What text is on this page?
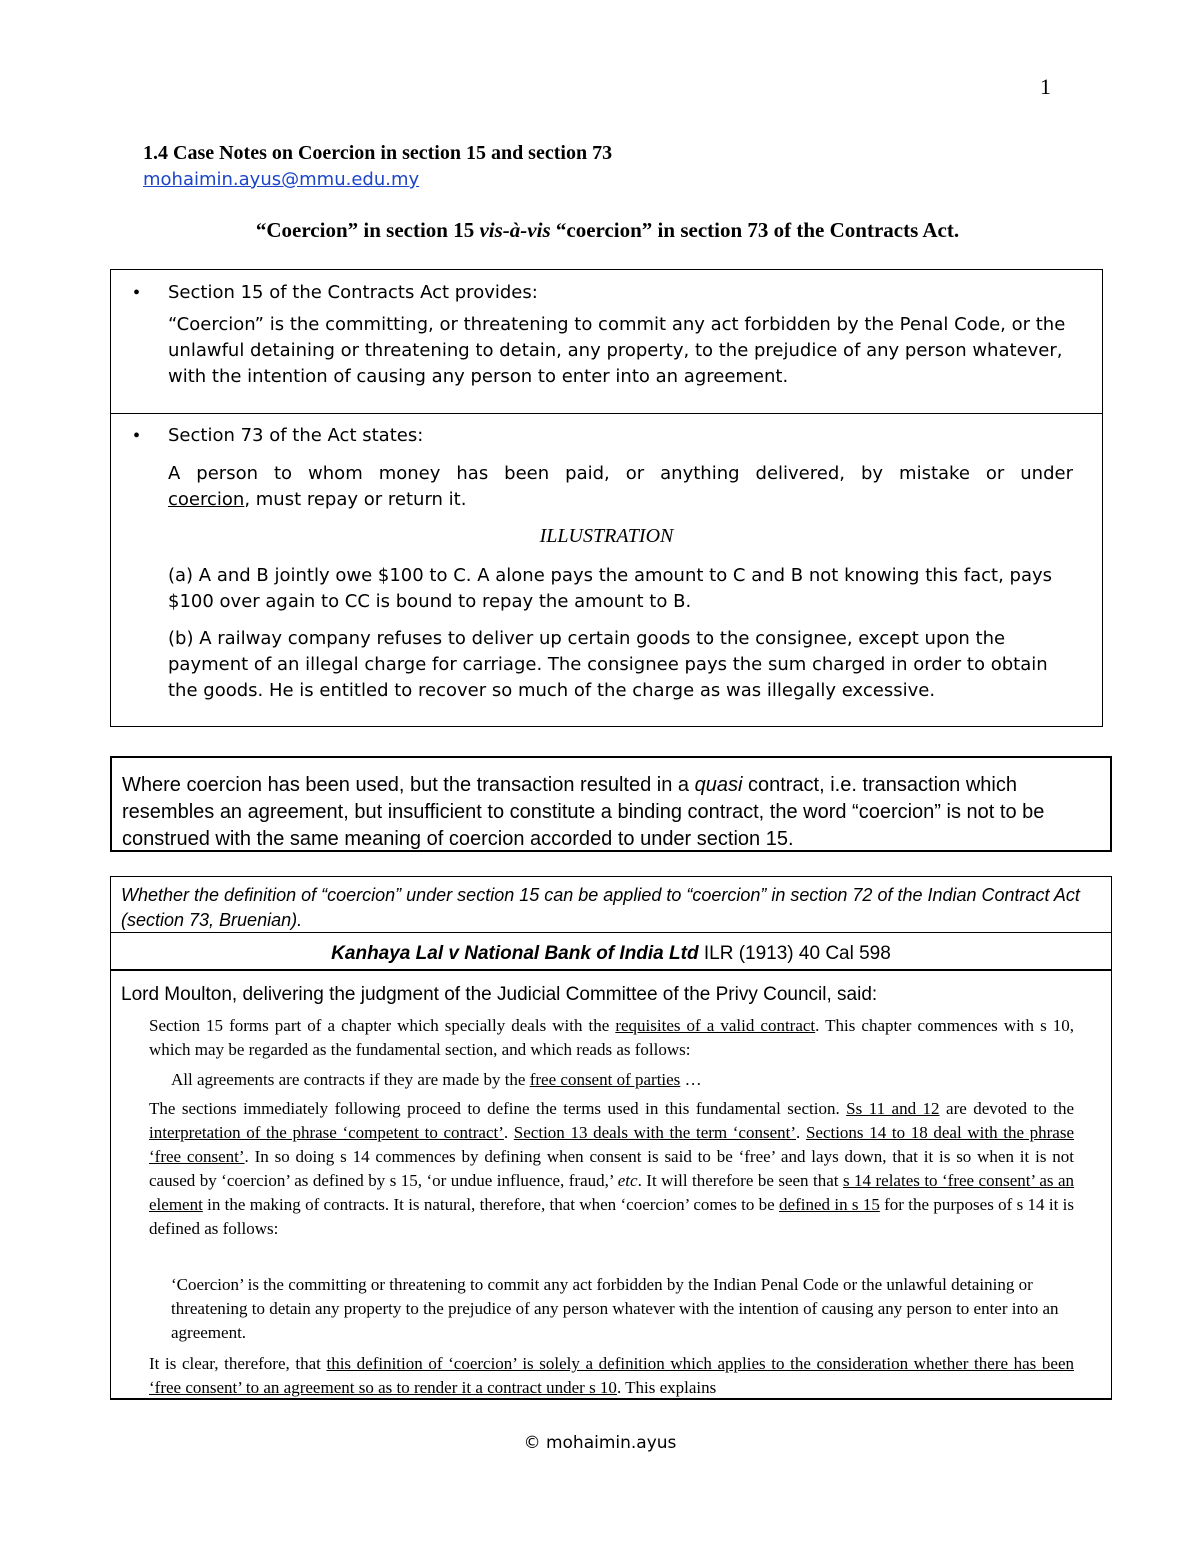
1
1.4 Case Notes on Coercion in section 15 and section 73
mohaimin.ayus@mmu.edu.my
“Coercion” in section 15 vis-à-vis “coercion” in section 73 of the Contracts Act.
• Section 15 of the Contracts Act provides:
“Coercion” is the committing, or threatening to commit any act forbidden by the Penal Code, or the unlawful detaining or threatening to detain, any property, to the prejudice of any person whatever, with the intention of causing any person to enter into an agreement.
• Section 73 of the Act states:
A person to whom money has been paid, or anything delivered, by mistake or under
coercion, must repay or return it.
ILLUSTRATION
(a) A and B jointly owe $100 to C. A alone pays the amount to C and B not knowing this fact, pays $100 over again to CC is bound to repay the amount to B.
(b) A railway company refuses to deliver up certain goods to the consignee, except upon the payment of an illegal charge for carriage. The consignee pays the sum charged in order to obtain the goods. He is entitled to recover so much of the charge as was illegally excessive.
Where coercion has been used, but the transaction resulted in a quasi contract, i.e. transaction which resembles an agreement, but insufficient to constitute a binding contract, the word “coercion” is not to be construed with the same meaning of coercion accorded to under section 15.
Whether the definition of “coercion” under section 15 can be applied to “coercion” in section 72 of the Indian Contract Act (section 73, Bruenian).
Kanhaya Lal v National Bank of India Ltd ILR (1913) 40 Cal 598
Lord Moulton, delivering the judgment of the Judicial Committee of the Privy Council, said:
Section 15 forms part of a chapter which specially deals with the requisites of a valid contract. This chapter commences with s 10, which may be regarded as the fundamental section, and which reads as follows:
All agreements are contracts if they are made by the free consent of parties …
The sections immediately following proceed to define the terms used in this fundamental section. Ss 11 and 12 are devoted to the interpretation of the phrase ‘competent to contract’. Section 13 deals with the term ‘consent’. Sections 14 to 18 deal with the phrase ‘free consent’. In so doing s 14 commences by defining when consent is said to be ‘free’ and lays down, that it is so when it is not caused by ‘coercion’ as defined by s 15, ‘or undue influence, fraud,’ etc. It will therefore be seen that s 14 relates to ‘free consent’ as an element in the making of contracts. It is natural, therefore, that when ‘coercion’ comes to be defined in s 15 for the purposes of s 14 it is defined as follows:
‘Coercion’ is the committing or threatening to commit any act forbidden by the Indian Penal Code or the unlawful detaining or threatening to detain any property to the prejudice of any person whatever with the intention of causing any person to enter into an agreement.
It is clear, therefore, that this definition of ‘coercion’ is solely a definition which applies to the consideration whether there has been ‘free consent’ to an agreement so as to render it a contract under s 10. This explains
© mohaimin.ayus
